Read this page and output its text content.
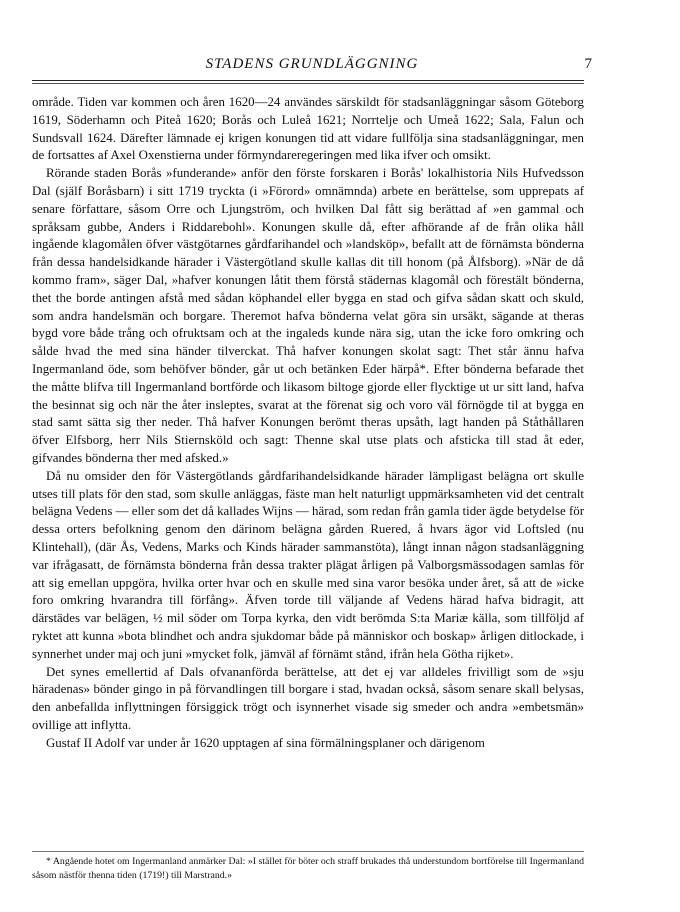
STADENS GRUNDLÄGGNING	7

område. Tiden var kommen och åren 1620—24 användes särskildt för stadsanläggningar såsom Göteborg 1619, Söderhamn och Piteå 1620; Borås och Luleå 1621; Norrtelje och Umeå 1622; Sala, Falun och Sundsvall 1624. Därefter lämnade ej krigen konungen tid att vidare fullfölja sina stadsanläggningar, men de fortsattes af Axel Oxenstierna under förmyndareregeringen med lika ifver och omsikt.

Rörande staden Borås »funderande» anför den förste forskaren i Borås' lokalhistoria Nils Hufvedsson Dal (själf Boråsbarn) i sitt 1719 tryckta (i »Förord» omnämnda) arbete en berättelse, som upprepats af senare författare, såsom Orre och Ljungström, och hvilken Dal fått sig berättad af »en gammal och språksam gubbe, Anders i Riddarebohl». Konungen skulle då, efter afhörande af de från olika håll ingående klagomålen öfver västgötarnes gårdfarihandel och »landsköp», befallt att de förnämsta bönderna från dessa handelsidkande härader i Västergötland skulle kallas dit till honom (på Ålfsborg). »När de då kommo fram», säger Dal, »hafver konungen låtit them förstå städernas klagomål och förestält bönderna, thet the borde antingen afstå med sådan köphandel eller bygga en stad och gifva sådan skatt och skuld, som andra handelsmän och borgare. Theremot hafva bönderna velat göra sin ursäkt, sägande at theras bygd vore både trång och ofruktsam och at the ingaleds kunde nära sig, utan the icke foro omkring och sålde hvad the med sina händer tilverckat. Thå hafver konungen skolat sagt: Thet står ännu hafva Ingermanland öde, som behöfver bönder, går ut och betänken Eder härpå*. Efter bönderna befarade thet the måtte blifva till Ingermanland bortförde och likasom biltoge gjorde eller flycktige ut ur sitt land, hafva the besinnat sig och när the åter insleptes, svarat at the förenat sig och voro väl förnögde til at bygga en stad samt sätta sig ther neder. Thå hafver Konungen berömt theras upsåth, lagt handen på Ståthållaren öfver Elfsborg, herr Nils Stiernsköld och sagt: Thenne skal utse plats och afsticka till stad åt eder, gifvandes bönderna ther med afsked.»

Då nu omsider den för Västergötlands gårdfarihandelsidkande härader lämpligast belägna ort skulle utses till plats för den stad, som skulle anläggas, fäste man helt naturligt uppmärksamheten vid det centralt belägna Vedens — eller som det då kallades Wijns — härad, som redan från gamla tider ägde betydelse för dessa orters befolkning genom den därinom belägna gården Ruered, å hvars ägor vid Loftsled (nu Klintehall), (där Ås, Vedens, Marks och Kinds härader sammanstöta), långt innan någon stadsanläggning var ifrågasatt, de förnämsta bönderna från dessa trakter plägat årligen på Valborgsmässodagen samlas för att sig emellan uppgöra, hvilka orter hvar och en skulle med sina varor besöka under året, så att de »icke foro omkring hvarandra till förfång». Äfven torde till väljande af Vedens härad hafva bidragit, att därstädes var belägen, ½ mil söder om Torpa kyrka, den vidt berömda S:ta Mariæ källa, som tillföljd af ryktet att kunna »bota blindhet och andra sjukdomar både på människor och boskap» årligen ditlockade, i synnerhet under maj och juni »mycket folk, jämväl af förnämt stånd, ifrån hela Götha rijket».

Det synes emellertid af Dals ofvananförda berättelse, att det ej var alldeles frivilligt som de »sju häradenas» bönder gingo in på förvandlingen till borgare i stad, hvadan också, såsom senare skall belysas, den anbefallda inflyttningen försiggick trögt och isynnerhet visade sig smeder och andra »embetsmän» ovillige att inflytta.

Gustaf II Adolf var under år 1620 upptagen af sina förmälningsplaner och därigenom

* Angående hotet om Ingermanland anmärker Dal: »I stället för böter och straff brukades thå understundom bortförelse till Ingermanland såsom nästför thenna tiden (1719!) till Marstrand.»
